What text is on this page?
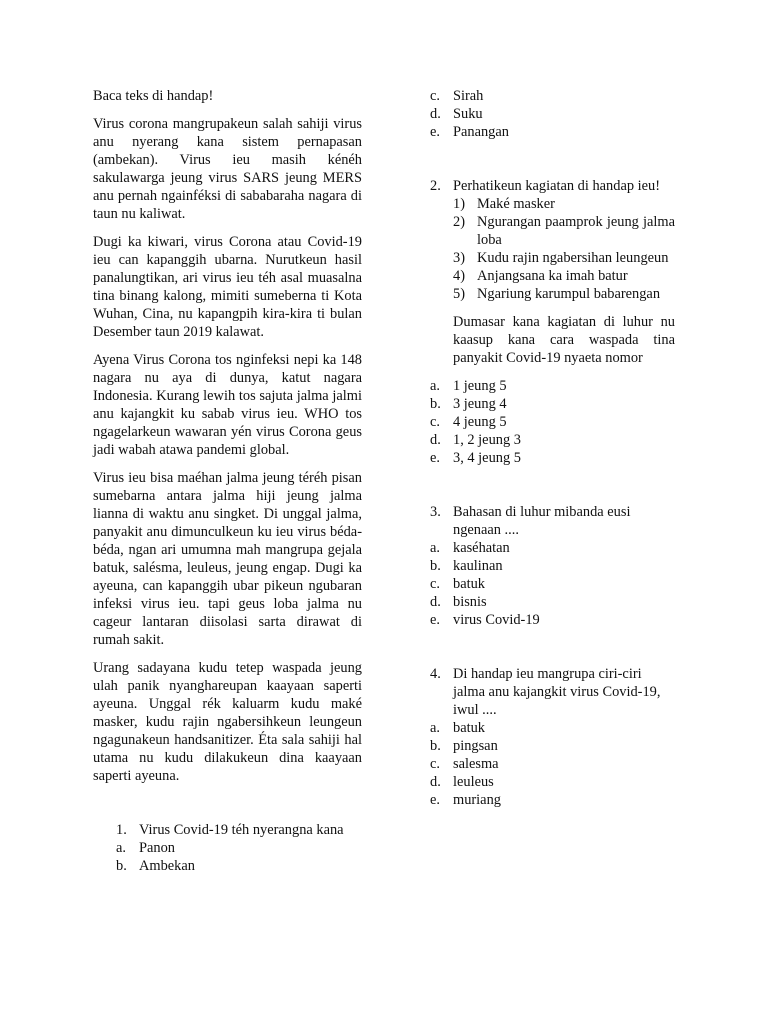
Baca teks di handap!

Virus corona mangrupakeun salah sahiji virus anu nyerang kana sistem pernapasan (ambekan). Virus ieu masih kénéh sakulawarga jeung virus SARS jeung MERS anu pernah ngainféksi di sababaraha nagara di taun nu kaliwat.

Dugi ka kiwari, virus Corona atau Covid-19 ieu can kapanggih ubarna. Nurutkeun hasil panalungtikan, ari virus ieu téh asal muasalna tina binang kalong, mimiti sumeberna ti Kota Wuhan, Cina, nu kapangpih kira-kira ti bulan Desember taun 2019 kalawat.

Ayena Virus Corona tos nginfeksi nepi ka 148 nagara nu aya di dunya, katut nagara Indonesia. Kurang lewih tos sajuta jalma jalmi anu kajangkit ku sabab virus ieu. WHO tos ngagelarkeun wawaran yén virus Corona geus jadi wabah atawa pandemi global.

Virus ieu bisa maéhan jalma jeung téréh pisan sumebarna antara jalma hiji jeung jalma lianna di waktu anu singket. Di unggal jalma, panyakit anu dimunculkeun ku ieu virus béda-béda, ngan ari umumna mah mangrupa gejala batuk, salésma, leuleus, jeung engap. Dugi ka ayeuna, can kapanggih ubar pikeun ngubaran infeksi virus ieu. tapi geus loba jalma nu cageur lantaran diisolasi sarta dirawat di rumah sakit.

Urang sadayana kudu tetep waspada jeung ulah panik nyanghareupan kaayaan saperti ayeuna. Unggal rék kaluarm kudu maké masker, kudu rajin ngabersihkeun leungeun ngagunakeun handsanitizer. Éta sala sahiji hal utama nu kudu dilakukeun dina kaayaan saperti ayeuna.

1. Virus Covid-19 téh nyerangna kana
a. Panon
b. Ambekan
c. Sirah
d. Suku
e. Panangan
2. Perhatikeun kagiatan di handap ieu!
1) Maké masker
2) Ngurangan paamprok jeung jalma loba
3) Kudu rajin ngabersihan leungeun
4) Anjangsana ka imah batur
5) Ngariung karumpul babarengan

Dumasar kana kagiatan di luhur nu kaasup kana cara waspada tina panyakit Covid-19 nyaeta nomor

a. 1 jeung 5
b. 3 jeung 4
c. 4 jeung 5
d. 1, 2 jeung 3
e. 3, 4 jeung 5
3. Bahasan di luhur mibanda eusi ngenaan ....
a. kaséhatan
b. kaulinan
c. batuk
d. bisnis
e. virus Covid-19
4. Di handap ieu mangrupa ciri-ciri jalma anu kajangkit virus Covid-19, iwul ....
a. batuk
b. pingsan
c. salesma
d. leuleus
e. muriang
